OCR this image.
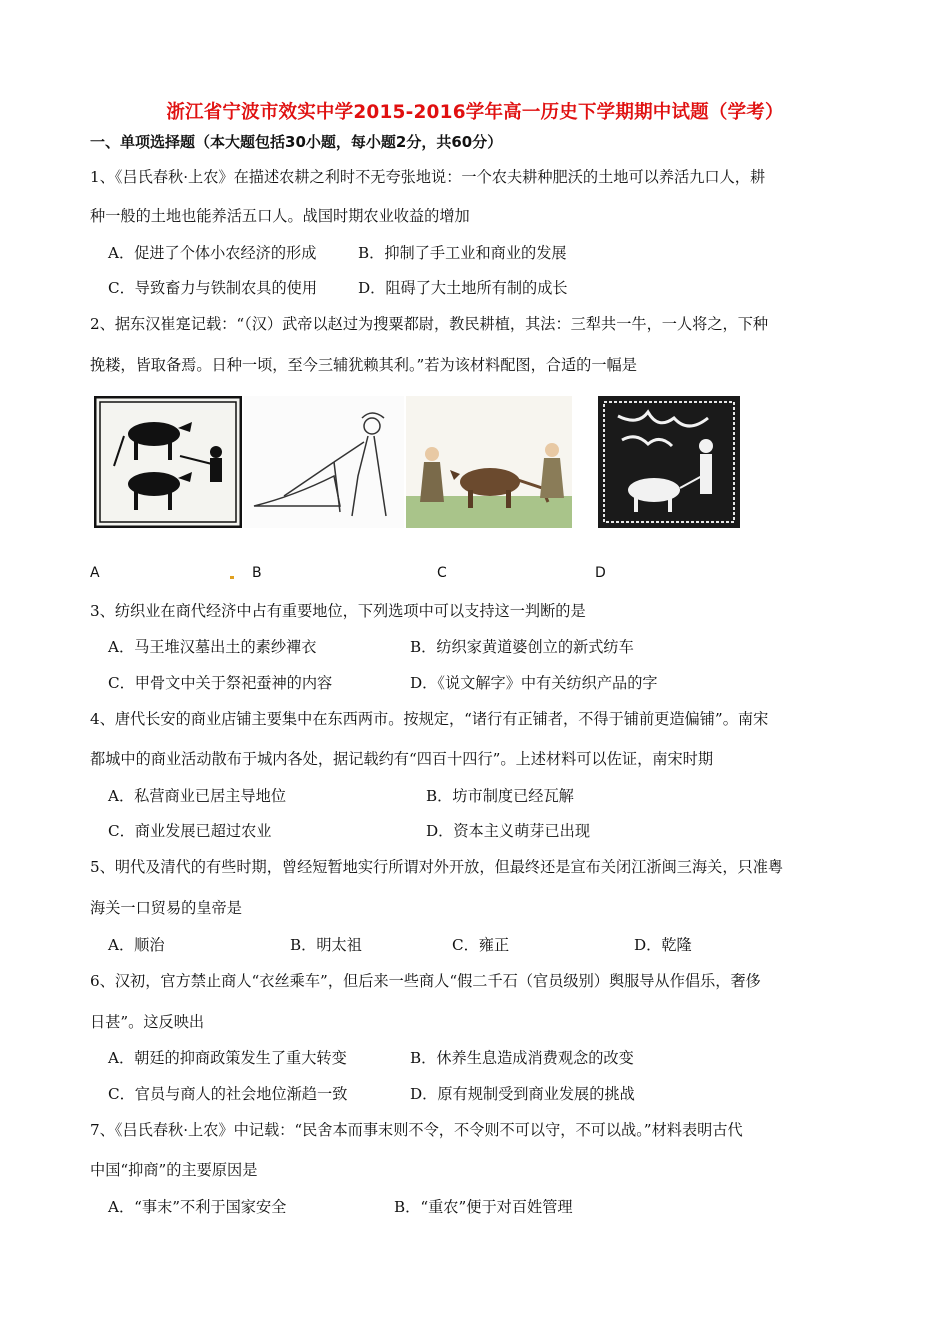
浙江省宁波市效实中学2015-2016学年高一历史下学期期中试题（学考）
一、单项选择题（本大题包括30小题，每小题2分，共60分）
1、《吕氏春秋·上农》在描述农耕之利时不无夸张地说：一个农夫耕种肥沃的土地可以养活九口人，耕
种一般的土地也能养活五口人。战国时期农业收益的增加
A．促进了个体小农经济的形成	B．抑制了手工业和商业的发展
C．导致畜力与铁制农具的使用	D．阻碍了大土地所有制的成长
2、据东汉崔寔记载：“（汉）武帝以赵过为搜粟都尉，教民耕植，其法：三犁共一牛，一人将之，下种
挽耧，皆取备焉。日种一顷，至今三辅犹赖其利。”若为该材料配图，合适的一幅是
A	B	C	D
3、纺织业在商代经济中占有重要地位，下列选项中可以支持这一判断的是
A．马王堆汉墓出土的素纱襌衣	B．纺织家黄道婆创立的新式纺车
C．甲骨文中关于祭祀蚕神的内容	D．《说文解字》中有关纺织产品的字
4、唐代长安的商业店铺主要集中在东西两市。按规定，“诸行有正铺者，不得于铺前更造偏铺”。南宋
都城中的商业活动散布于城内各处，据记载约有“四百十四行”。上述材料可以佐证，南宋时期
A．私营商业已居主导地位	B．坊市制度已经瓦解
C．商业发展已超过农业	D．资本主义萌芽已出现
5、明代及清代的有些时期，曾经短暂地实行所谓对外开放，但最终还是宣布关闭江浙闽三海关，只准粤
海关一口贸易的皇帝是
A．顺治	B．明太祖	C．雍正	D．乾隆
6、汉初，官方禁止商人“衣丝乘车”，但后来一些商人“假二千石（官员级别）舆服导从作倡乐，奢侈
日甚”。这反映出
A．朝廷的抑商政策发生了重大转变	B．休养生息造成消费观念的改变
C．官员与商人的社会地位渐趋一致	D．原有规制受到商业发展的挑战
7、《吕氏春秋·上农》中记载：“民舍本而事末则不令，不令则不可以守，不可以战。”材料表明古代
中国“抑商”的主要原因是
A．“事末”不利于国家安全	B．“重农”便于对百姓管理
